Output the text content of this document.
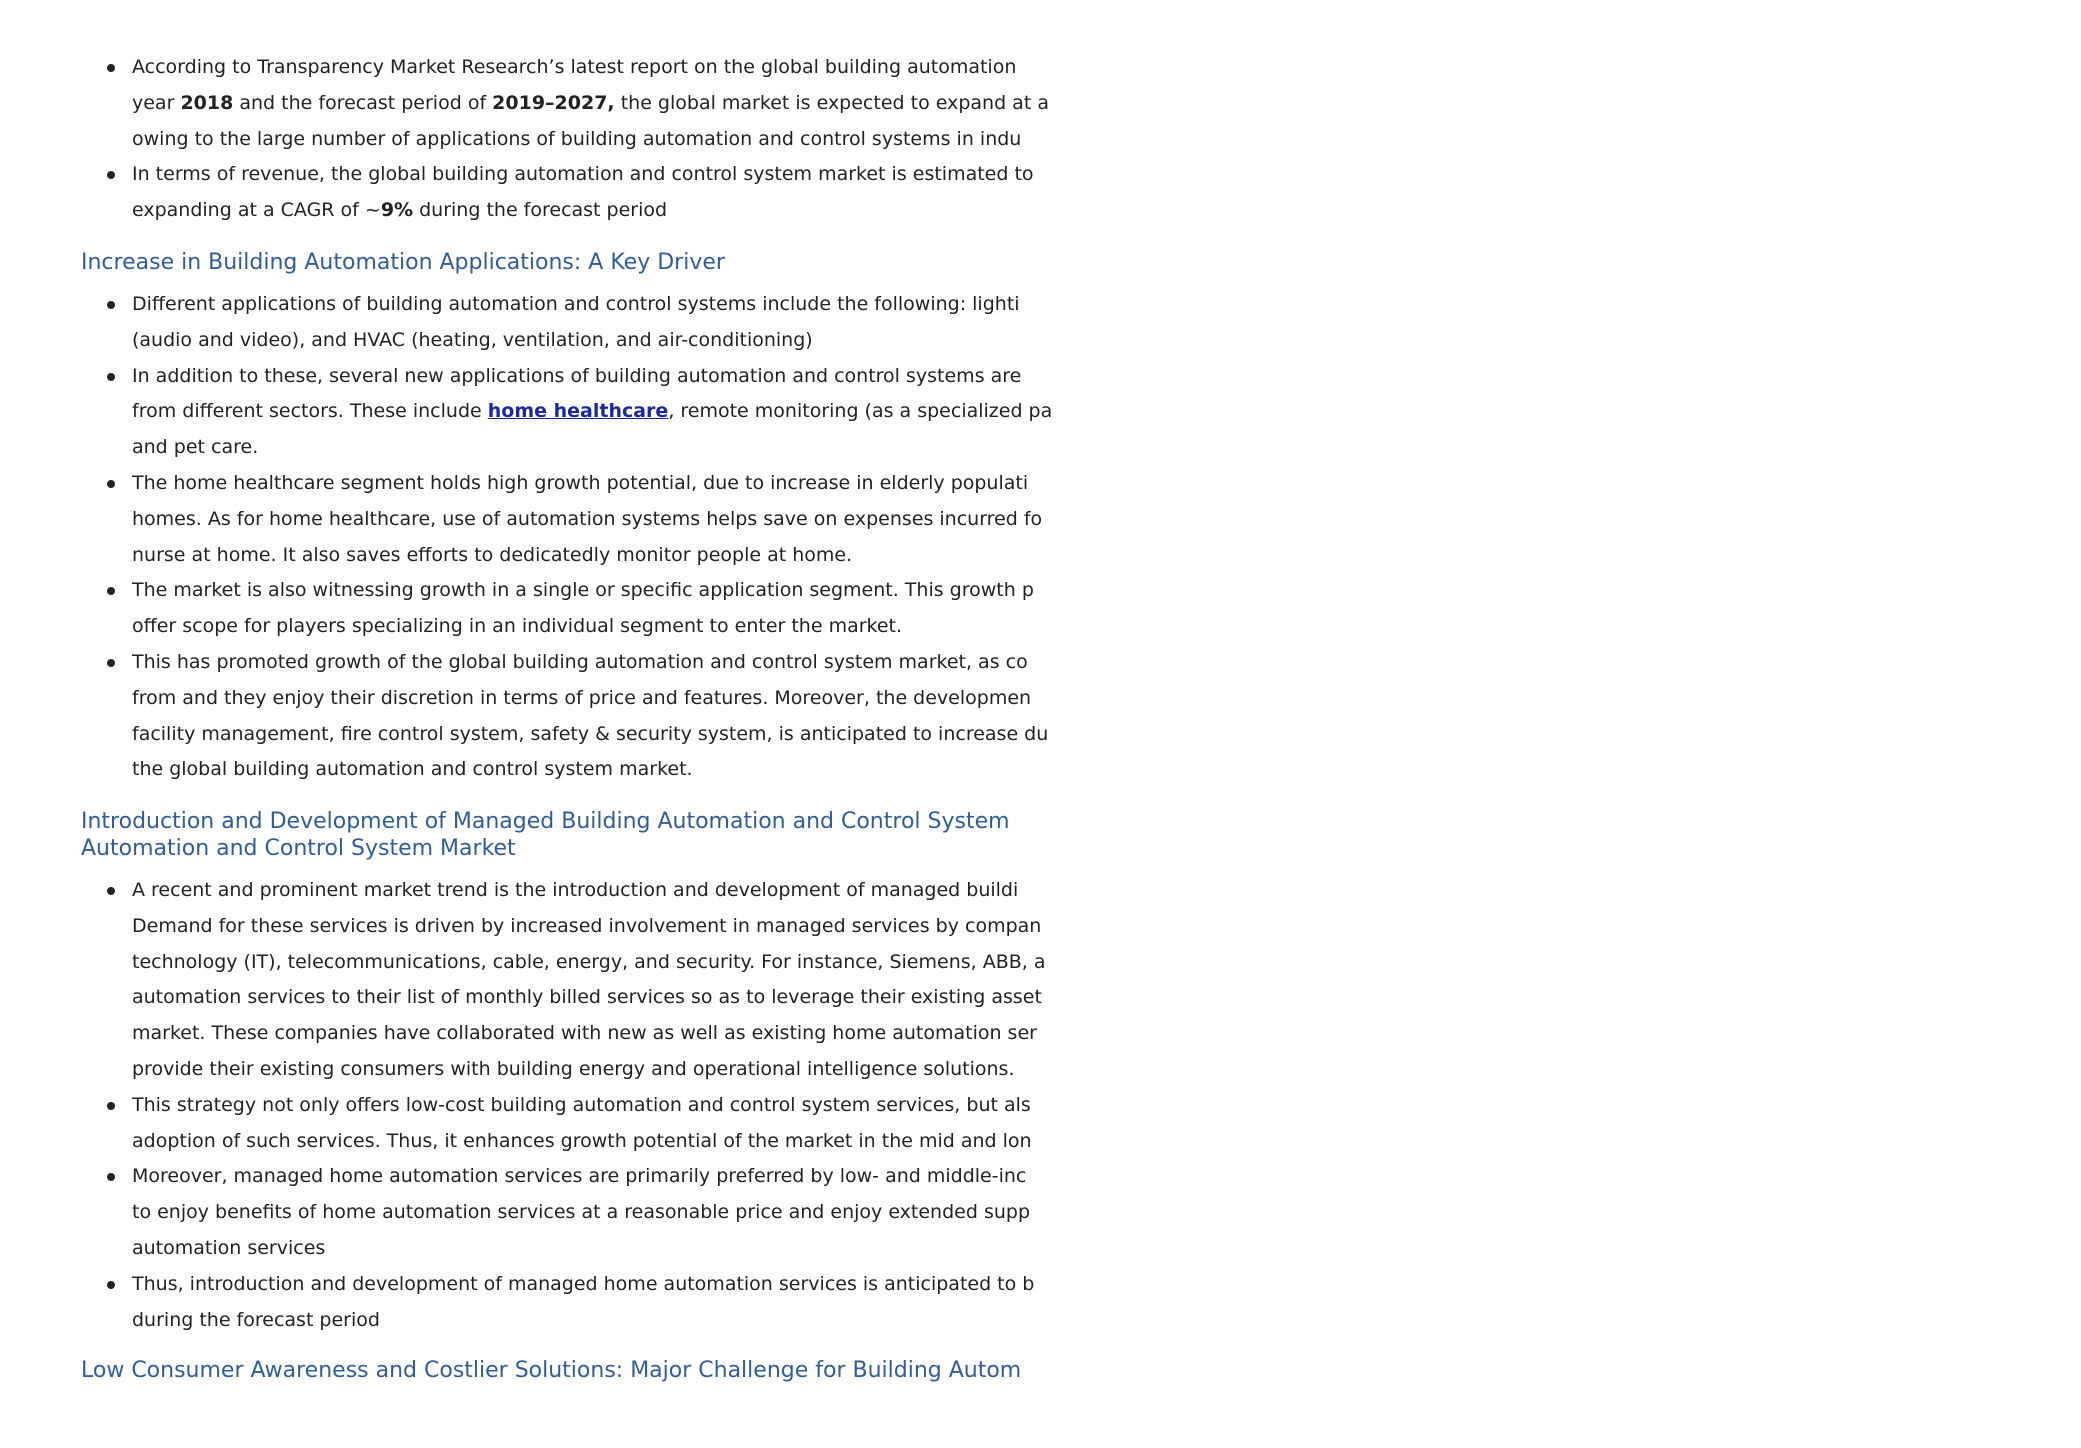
According to Transparency Market Research’s latest report on the global building automation
year 2018 and the forecast period of 2019–2027, the global market is expected to expand at a
owing to the large number of applications of building automation and control systems in indu
In terms of revenue, the global building automation and control system market is estimated to
expanding at a CAGR of ~9% during the forecast period
Increase in Building Automation Applications: A Key Driver
Different applications of building automation and control systems include the following: lighti
(audio and video), and HVAC (heating, ventilation, and air-conditioning)
In addition to these, several new applications of building automation and control systems are
from different sectors. These include home healthcare, remote monitoring (as a specialized pa
and pet care.
The home healthcare segment holds high growth potential, due to increase in elderly populati
homes. As for home healthcare, use of automation systems helps save on expenses incurred fo
nurse at home. It also saves efforts to dedicatedly monitor people at home.
The market is also witnessing growth in a single or specific application segment. This growth p
offer scope for players specializing in an individual segment to enter the market.
This has promoted growth of the global building automation and control system market, as co
from and they enjoy their discretion in terms of price and features. Moreover, the developmen
facility management, fire control system, safety & security system, is anticipated to increase du
the global building automation and control system market.
Introduction and Development of Managed Building Automation and Control System
Automation and Control System Market
A recent and prominent market trend is the introduction and development of managed buildi
Demand for these services is driven by increased involvement in managed services by compan
technology (IT), telecommunications, cable, energy, and security. For instance, Siemens, ABB, a
automation services to their list of monthly billed services so as to leverage their existing asset
market. These companies have collaborated with new as well as existing home automation ser
provide their existing consumers with building energy and operational intelligence solutions.
This strategy not only offers low-cost building automation and control system services, but als
adoption of such services. Thus, it enhances growth potential of the market in the mid and lon
Moreover, managed home automation services are primarily preferred by low- and middle-inc
to enjoy benefits of home automation services at a reasonable price and enjoy extended supp
automation services
Thus, introduction and development of managed home automation services is anticipated to b
during the forecast period
Low Consumer Awareness and Costlier Solutions: Major Challenge for Building Autom
